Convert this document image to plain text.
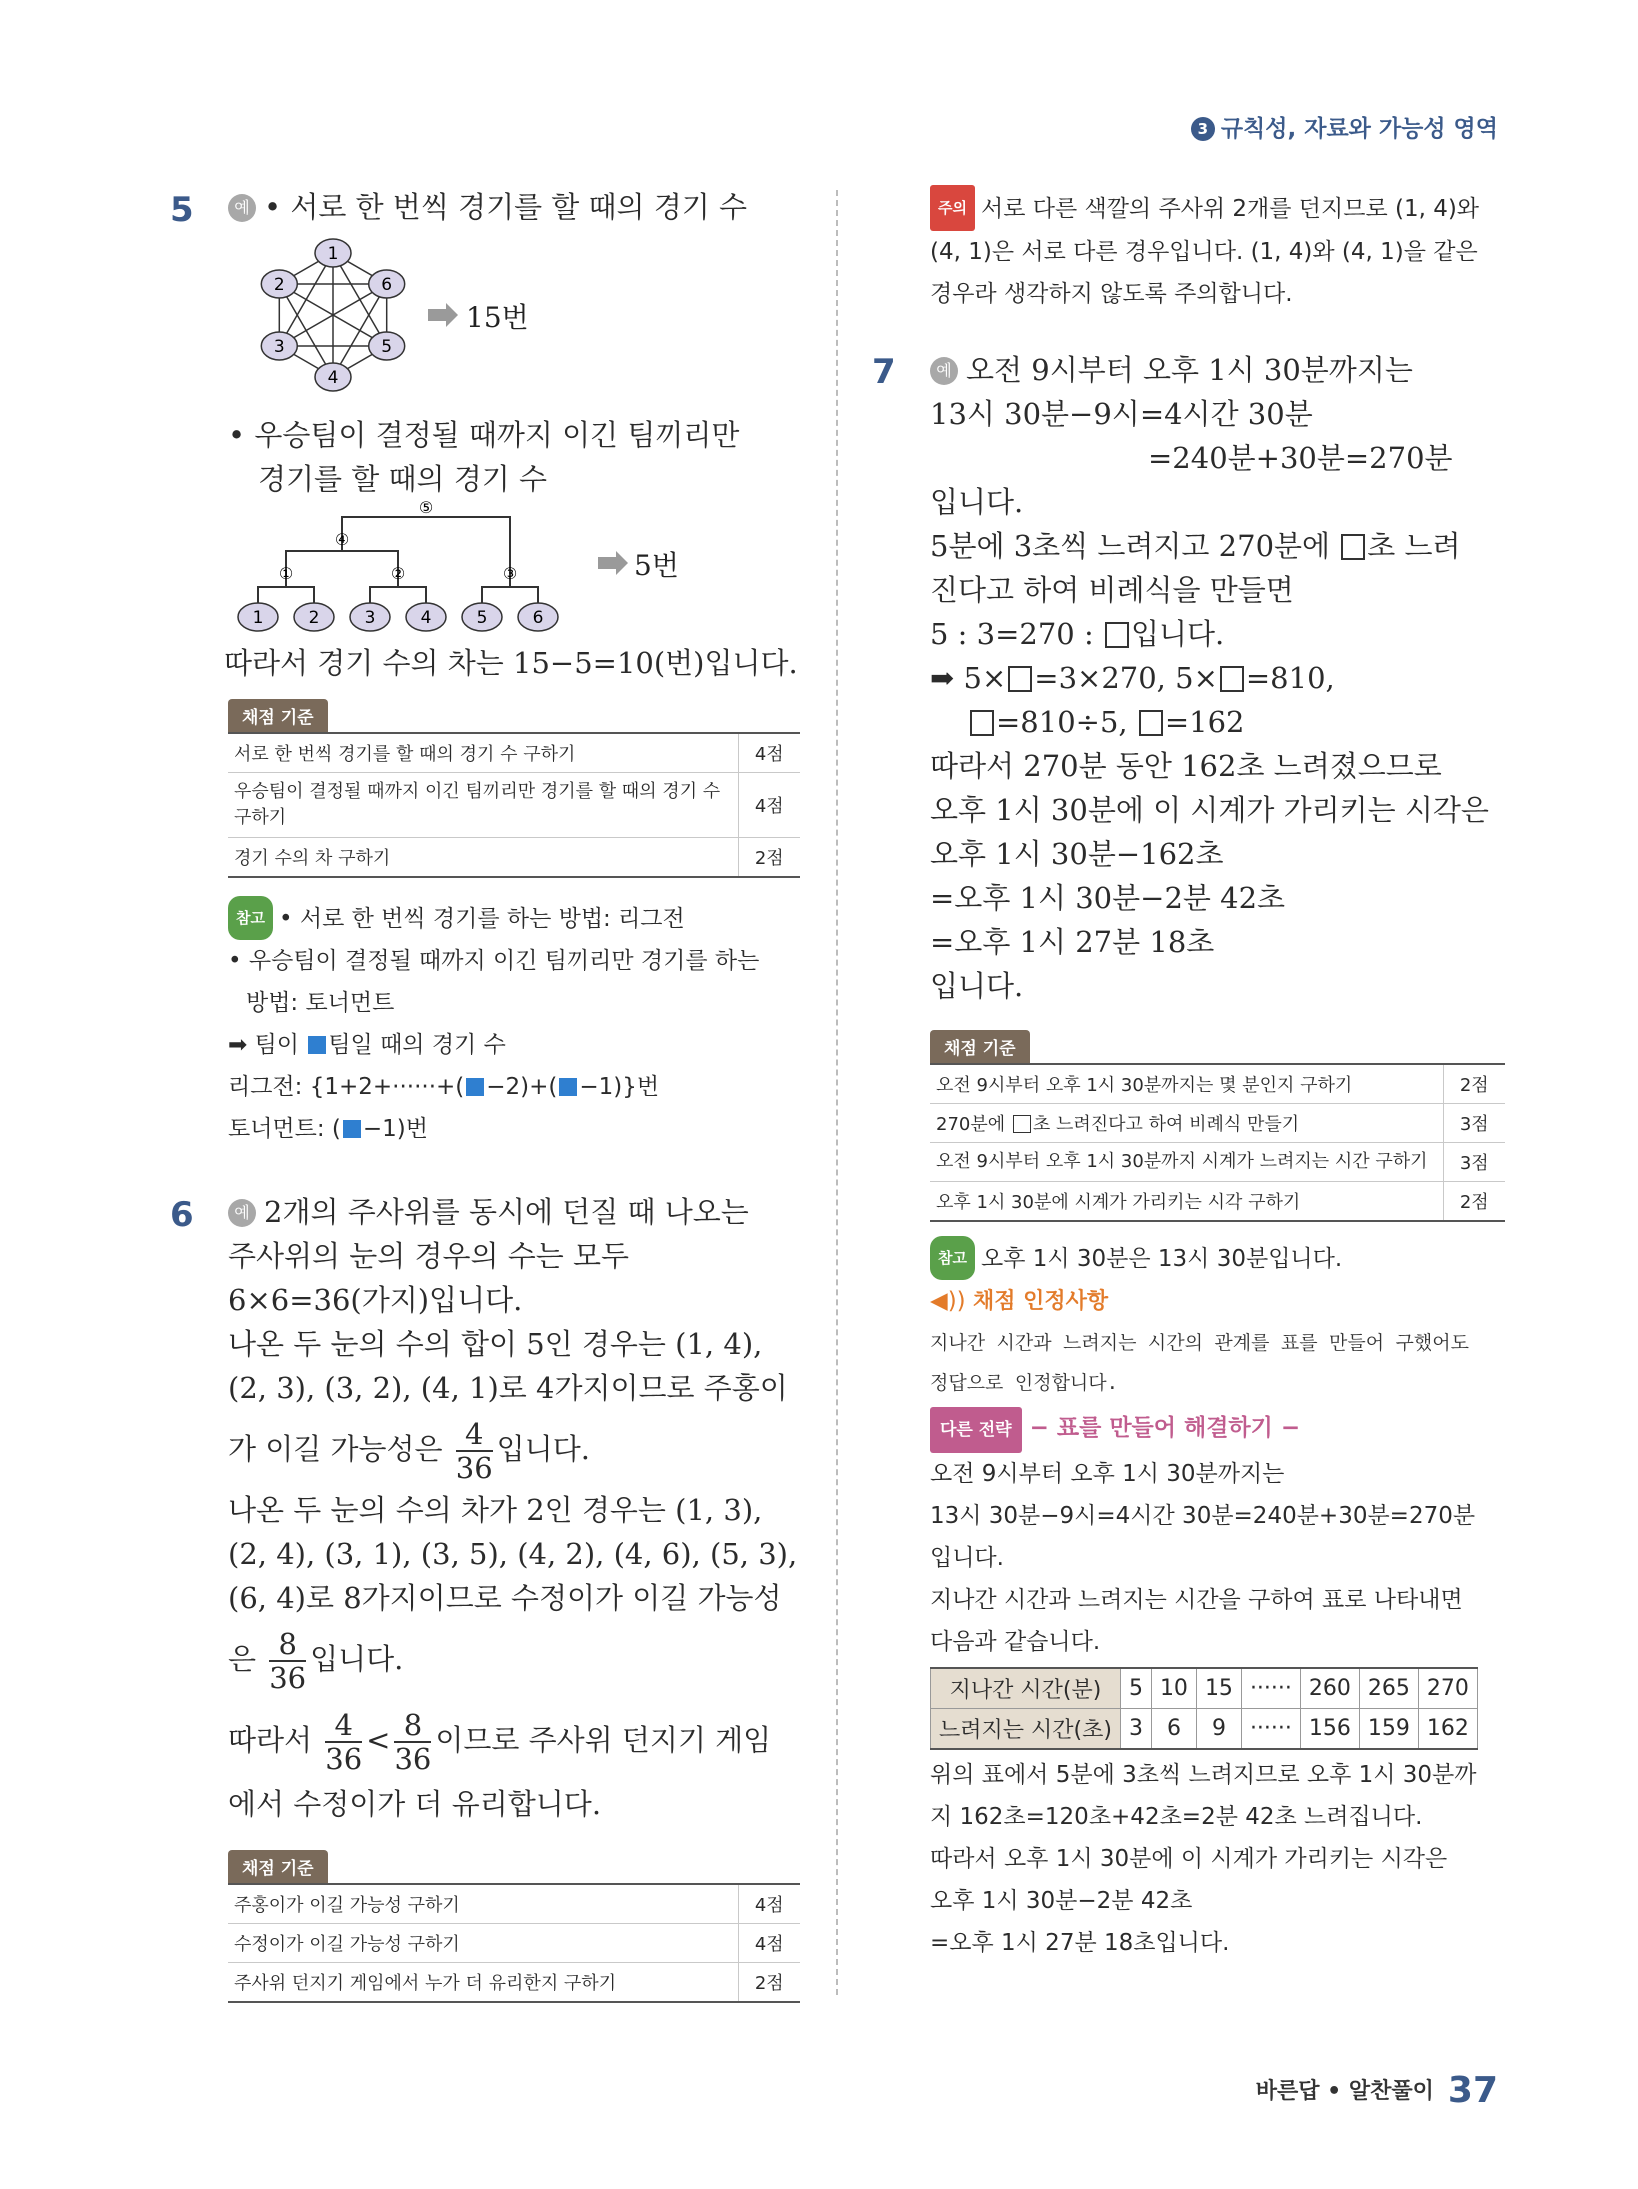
3 규칙성, 자료와 가능성 영역
5	예 • 서로 한 번씩 경기를 할 때의 경기 수
1
2
3
4
5
6
15번
• 우승팀이 결정될 때까지 이긴 팀끼리만
경기를 할 때의 경기 수
①	②	③
④
⑤
1	2	3	4	5	6
5번
따라서 경기 수의 차는 15−5=10(번)입니다.
채점 기준
서로 한 번씩 경기를 할 때의 경기 수 구하기	4점
우승팀이 결정될 때까지 이긴 팀끼리만 경기를 할 때의 경기 수 구하기	4점
경기 수의 차 구하기	2점
참고 • 서로 한 번씩 경기를 하는 방법: 리그전
• 우승팀이 결정될 때까지 이긴 팀끼리만 경기를 하는
방법: 토너먼트
➡ 팀이 팀일 때의 경기 수
리그전: {1+2+······+( −2)+( −1)}번
토너먼트: ( −1)번
6	예 2개의 주사위를 동시에 던질 때 나오는
주사위의 눈의 경우의 수는 모두
6×6=36(가지)입니다.
나온 두 눈의 수의 합이 5인 경우는 (1, 4),
(2, 3), (3, 2), (4, 1)로 4가지이므로 주홍이
가 이길 가능성은 $\frac{4}{36}$ 입니다.
나온 두 눈의 수의 차가 2인 경우는 (1, 3),
(2, 4), (3, 1), (3, 5), (4, 2), (4, 6), (5, 3),
(6, 4)로 8가지이므로 수정이가 이길 가능성
은 $\frac{8}{36}$ 입니다.
따라서 $\frac{4}{36} < \frac{8}{36}$ 이므로 주사위 던지기 게임
에서 수정이가 더 유리합니다.
채점 기준
주홍이가 이길 가능성 구하기	4점
수정이가 이길 가능성 구하기	4점
주사위 던지기 게임에서 누가 더 유리한지 구하기	2점
주의 서로 다른 색깔의 주사위 2개를 던지므로 (1, 4)와
(4, 1)은 서로 다른 경우입니다. (1, 4)와 (4, 1)을 같은
경우라 생각하지 않도록 주의합니다.
7	예 오전 9시부터 오후 1시 30분까지는
13시 30분−9시=4시간 30분
=240분+30분=270분
입니다.
5분에 3초씩 느려지고 270분에 초 느려
진다고 하여 비례식을 만들면
5 : 3=270 : 입니다.
➡ 5× =3×270, 5× =810,
=810÷5, =162
따라서 270분 동안 162초 느려졌으므로
오후 1시 30분에 이 시계가 가리키는 시각은
오후 1시 30분−162초
=오후 1시 30분−2분 42초
=오후 1시 27분 18초
입니다.
채점 기준
오전 9시부터 오후 1시 30분까지는 몇 분인지 구하기	2점
270분에 초 느려진다고 하여 비례식 만들기	3점
오전 9시부터 오후 1시 30분까지 시계가 느려지는 시간 구하기	3점
오후 1시 30분에 시계가 가리키는 시각 구하기	2점
참고 오후 1시 30분은 13시 30분입니다.
◀)) 채점 인정사항
지나간 시간과 느려지는 시간의 관계를 표를 만들어 구했어도
정답으로 인정합니다.
다른 전략 − 표를 만들어 해결하기 −
오전 9시부터 오후 1시 30분까지는
13시 30분−9시=4시간 30분=240분+30분=270분
입니다.
지나간 시간과 느려지는 시간을 구하여 표로 나타내면
다음과 같습니다.
지나간 시간(분)	5	10	15	······	260	265	270
느려지는 시간(초)	3	6	9	······	156	159	162
위의 표에서 5분에 3초씩 느려지므로 오후 1시 30분까
지 162초=120초+42초=2분 42초 느려집니다.
따라서 오후 1시 30분에 이 시계가 가리키는 시각은
오후 1시 30분−2분 42초
=오후 1시 27분 18초입니다.
바른답 • 알찬풀이 37
